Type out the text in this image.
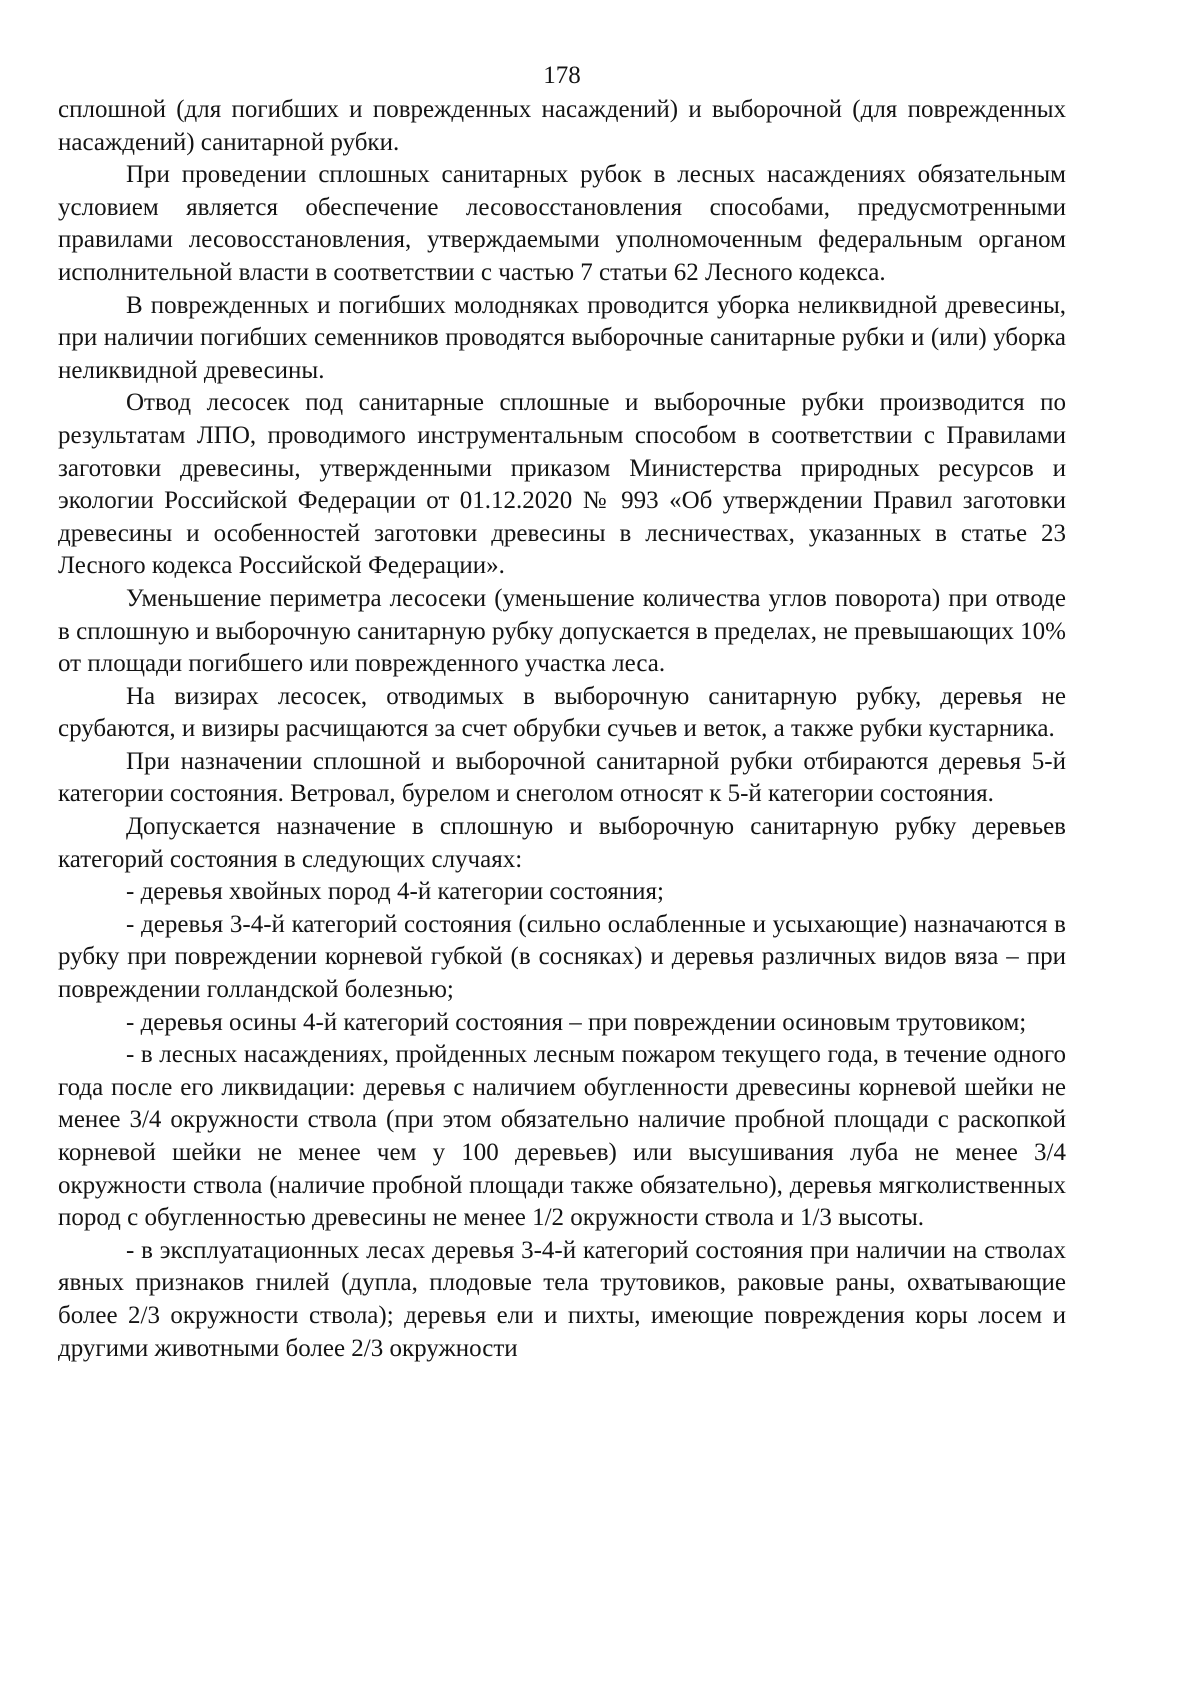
178

сплошной (для погибших и поврежденных насаждений) и выборочной (для поврежденных насаждений) санитарной рубки.

При проведении сплошных санитарных рубок в лесных насаждениях обязательным условием является обеспечение лесовосстановления способами, предусмотренными правилами лесовосстановления, утверждаемыми уполномоченным федеральным органом исполнительной власти в соответствии с частью 7 статьи 62 Лесного кодекса.

В поврежденных и погибших молодняках проводится уборка неликвидной древесины, при наличии погибших семенников проводятся выборочные санитарные рубки и (или) уборка неликвидной древесины.

Отвод лесосек под санитарные сплошные и выборочные рубки производится по результатам ЛПО, проводимого инструментальным способом в соответствии с Правилами заготовки древесины, утвержденными приказом Министерства природных ресурсов и экологии Российской Федерации от 01.12.2020 № 993 «Об утверждении Правил заготовки древесины и особенностей заготовки древесины в лесничествах, указанных в статье 23 Лесного кодекса Российской Федерации».

Уменьшение периметра лесосеки (уменьшение количества углов поворота) при отводе в сплошную и выборочную санитарную рубку допускается в пределах, не превышающих 10% от площади погибшего или поврежденного участка леса.

На визирах лесосек, отводимых в выборочную санитарную рубку, деревья не срубаются, и визиры расчищаются за счет обрубки сучьев и веток, а также рубки кустарника.

При назначении сплошной и выборочной санитарной рубки отбираются деревья 5-й категории состояния. Ветровал, бурелом и снеголом относят к 5-й категории состояния.

Допускается назначение в сплошную и выборочную санитарную рубку деревьев категорий состояния в следующих случаях:

- деревья хвойных пород 4-й категории состояния;

- деревья 3-4-й категорий состояния (сильно ослабленные и усыхающие) назначаются в рубку при повреждении корневой губкой (в сосняках) и деревья различных видов вяза – при повреждении голландской болезнью;

- деревья осины 4-й категорий состояния – при повреждении осиновым трутовиком;

- в лесных насаждениях, пройденных лесным пожаром текущего года, в течение одного года после его ликвидации: деревья с наличием обугленности древесины корневой шейки не менее 3/4 окружности ствола (при этом обязательно наличие пробной площади с раскопкой корневой шейки не менее чем у 100 деревьев) или высушивания луба не менее 3/4 окружности ствола (наличие пробной площади также обязательно), деревья мягколиственных пород с обугленностью древесины не менее 1/2 окружности ствола и 1/3 высоты.

- в эксплуатационных лесах деревья 3-4-й категорий состояния при наличии на стволах явных признаков гнилей (дупла, плодовые тела трутовиков, раковые раны, охватывающие более 2/3 окружности ствола); деревья ели и пихты, имеющие повреждения коры лосем и другими животными более 2/3 окружности
